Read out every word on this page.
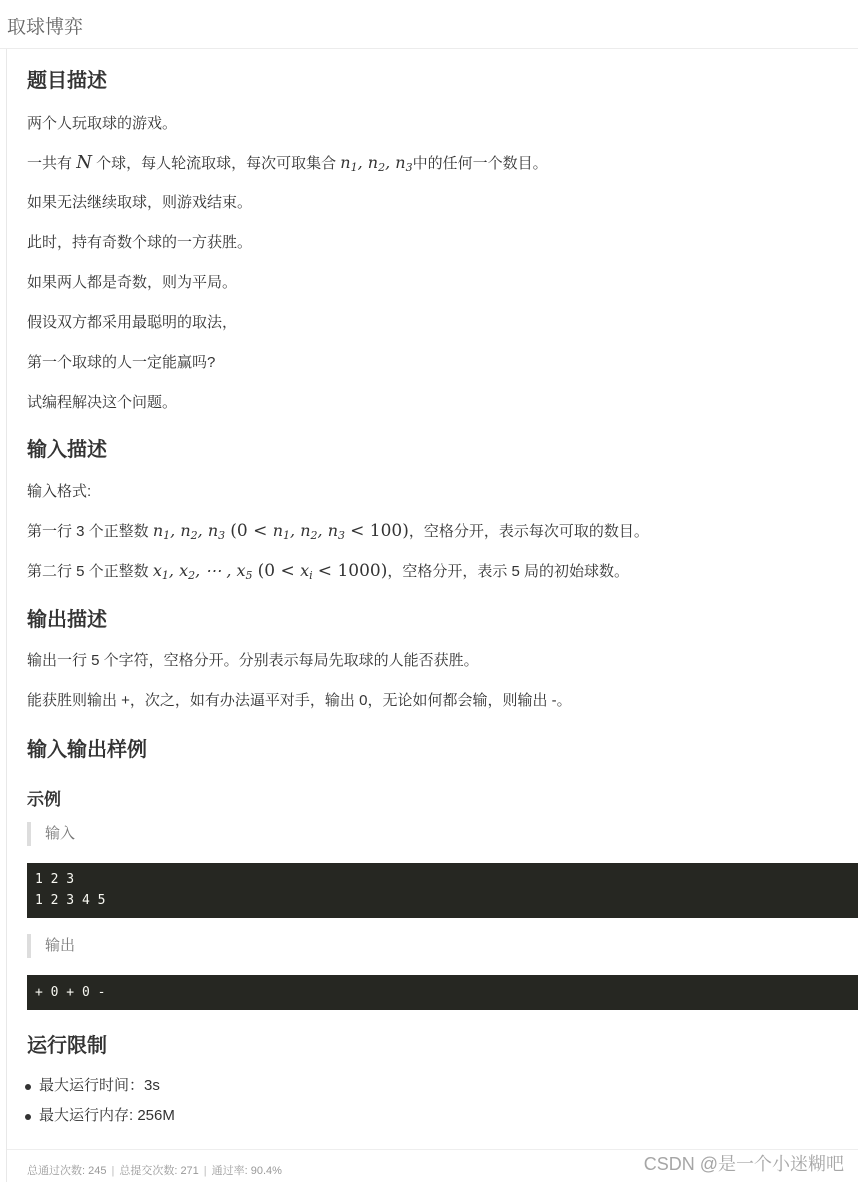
取球博弈
题目描述

两个人玩取球的游戏。

一共有 N 个球，每人轮流取球，每次可取集合 $n_1$, $n_2$, $n_3$中的任何一个数目。

如果无法继续取球，则游戏结束。

此时，持有奇数个球的一方获胜。

如果两人都是奇数，则为平局。

假设双方都采用最聪明的取法，

第一个取球的人一定能赢吗?

试编程解决这个问题。

输入描述

输入格式:

第一行 3 个正整数 $n_1$, $n_2$, $n_3$ ($0 < n_1$, $n_2$, $n_3 < 100$)，空格分开，表示每次可取的数目。

第二行 5 个正整数 $x_1$, $x_2$, ⋯ , $x_5$ $(0 < x_i < 1000)$，空格分开，表示 5 局的初始球数。

输出描述

输出一行 5 个字符，空格分开。分别表示每局先取球的人能否获胜。

能获胜则输出 +，次之，如有办法逼平对手，输出 0，无论如何都会输，则输出 -。

输入输出样例
示例
输入
1 2 3
1 2 3 4 5
输出
+ 0 + 0 -
运行限制
最大运行时间：3s
最大运行内存: 256M
总通过次数: 245 | 总提交次数: 271 | 通过率: 90.4%	CSDN @是一个小迷糊吧
